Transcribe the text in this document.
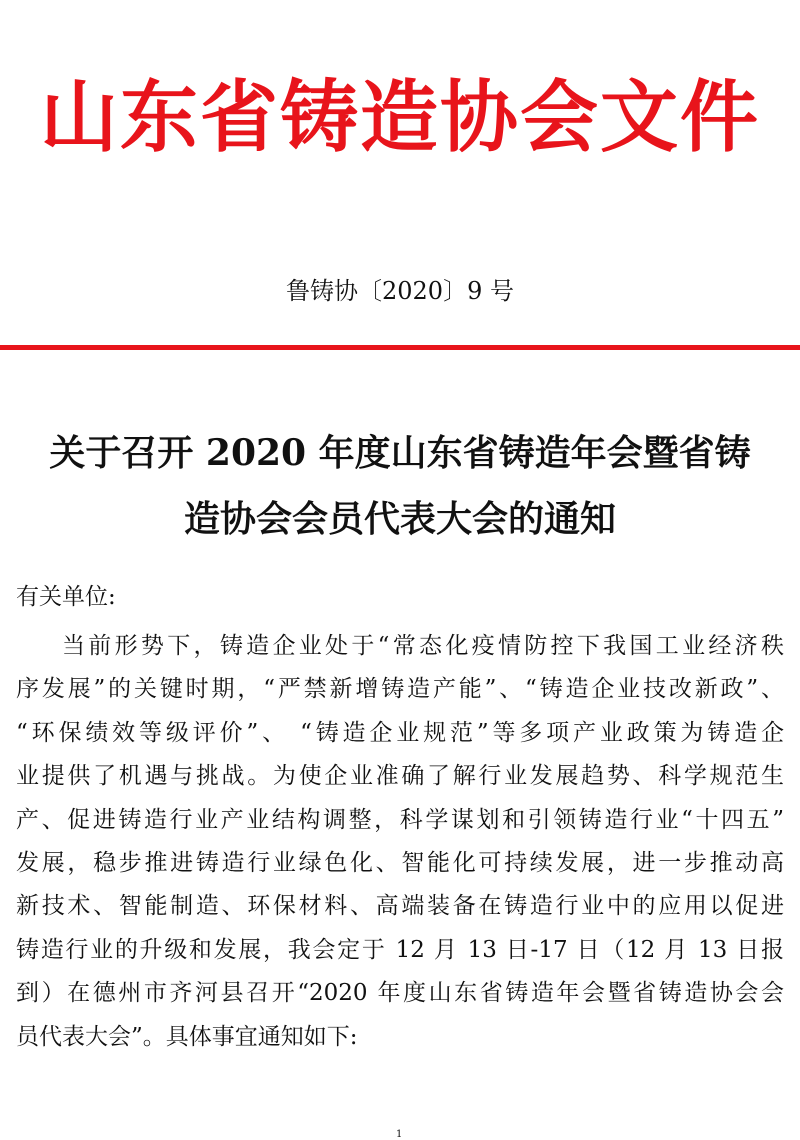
山东省铸造协会文件
鲁铸协〔2020〕9 号
关于召开 2020 年度山东省铸造年会暨省铸
造协会会员代表大会的通知
有关单位:
当前形势下，铸造企业处于“常态化疫情防控下我国工业经济秩
序发展”的关键时期，“严禁新增铸造产能”、“铸造企业技改新政”、
“环保绩效等级评价”、 “铸造企业规范”等多项产业政策为铸造企
业提供了机遇与挑战。为使企业准确了解行业发展趋势、科学规范生
产、促进铸造行业产业结构调整，科学谋划和引领铸造行业“十四五”
发展，稳步推进铸造行业绿色化、智能化可持续发展，进一步推动高
新技术、智能制造、环保材料、高端装备在铸造行业中的应用以促进
铸造行业的升级和发展，我会定于 12 月 13 日-17 日（12 月 13 日报
到）在德州市齐河县召开“2020 年度山东省铸造年会暨省铸造协会会
员代表大会”。具体事宜通知如下:
1
